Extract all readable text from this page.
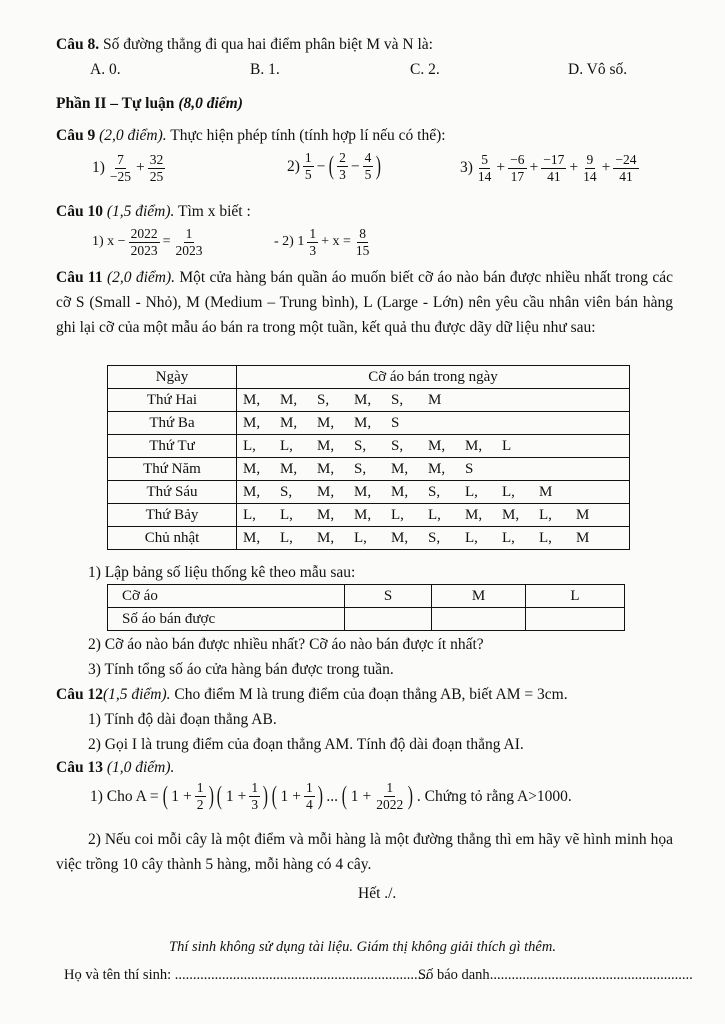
Câu 8. Số đường thẳng đi qua hai điểm phân biệt M và N là:
A. 0.	B. 1.	C. 2.	D. Vô số.
Phần II – Tự luận (8,0 điểm)
Câu 9 (2,0 điểm). Thực hiện phép tính (tính hợp lí nếu có thể):
$1) \frac{7}{-25} + \frac{32}{25}$	$2) \frac{1}{5}$ − ( $\frac{2}{3} - \frac{4}{5}$ )	$3) \frac{5}{14} + \frac{-6}{17} + \frac{-17}{41} + \frac{9}{14} + \frac{-24}{41}$
Câu 10 (1,5 điểm). Tìm x biết :
1) $x - \frac{2022}{2023} = \frac{1}{2023}$	- 2) $1 \frac{1}{3} + x = \frac{8}{15}$
Câu 11 (2,0 điểm). Một cửa hàng bán quần áo muốn biết cỡ áo nào bán được nhiều nhất trong các cỡ S (Small - Nhỏ), M (Medium – Trung bình), L (Large - Lớn) nên yêu cầu nhân viên bán hàng ghi lại cỡ của một mẫu áo bán ra trong một tuần, kết quả thu được dãy dữ liệu như sau:
Ngày	Cỡ áo bán trong ngày
Thứ Hai	M, M, S, M, S, M
Thứ Ba	M, M, M, M, S
Thứ Tư	L, L, M, S, S, M, M, L
Thứ Năm	M, M, M, S, M, M, S
Thứ Sáu	M, S, M, M, M, S, L, L, M
Thứ Bảy	L, L, M, M, L, L, M, M, L, M
Chủ nhật	M, L, M, L, M, S, L, L, L, M
1) Lập bảng số liệu thống kê theo mẫu sau:
Cỡ áo	S	M	L
Số áo bán được			
2) Cỡ áo nào bán được nhiều nhất? Cỡ áo nào bán được ít nhất?
3) Tính tổng số áo cửa hàng bán được trong tuần.
Câu 12(1,5 điểm). Cho điểm M là trung điểm của đoạn thẳng AB, biết AM = 3cm.
1) Tính độ dài đoạn thẳng AB.
2) Gọi I là trung điểm của đoạn thẳng AM. Tính độ dài đoạn thẳng AI.
Câu 13 (1,0 điểm).
1) Cho A = ( $1 + \frac{1}{2}$ ) ( $1 + \frac{1}{3}$ ) ( $1 + \frac{1}{4}$ ) ... ( $1 + \frac{1}{2022}$ ) . Chứng tỏ rằng A>1000.
2) Nếu coi mỗi cây là một điểm và mỗi hàng là một đường thẳng thì em hãy vẽ hình minh họa việc trồng 10 cây thành 5 hàng, mỗi hàng có 4 cây.
Hết ./.
Thí sinh không sử dụng tài liệu. Giám thị không giải thích gì thêm.
Họ và tên thí sinh: ......................................................................
Số báo danh........................................................
